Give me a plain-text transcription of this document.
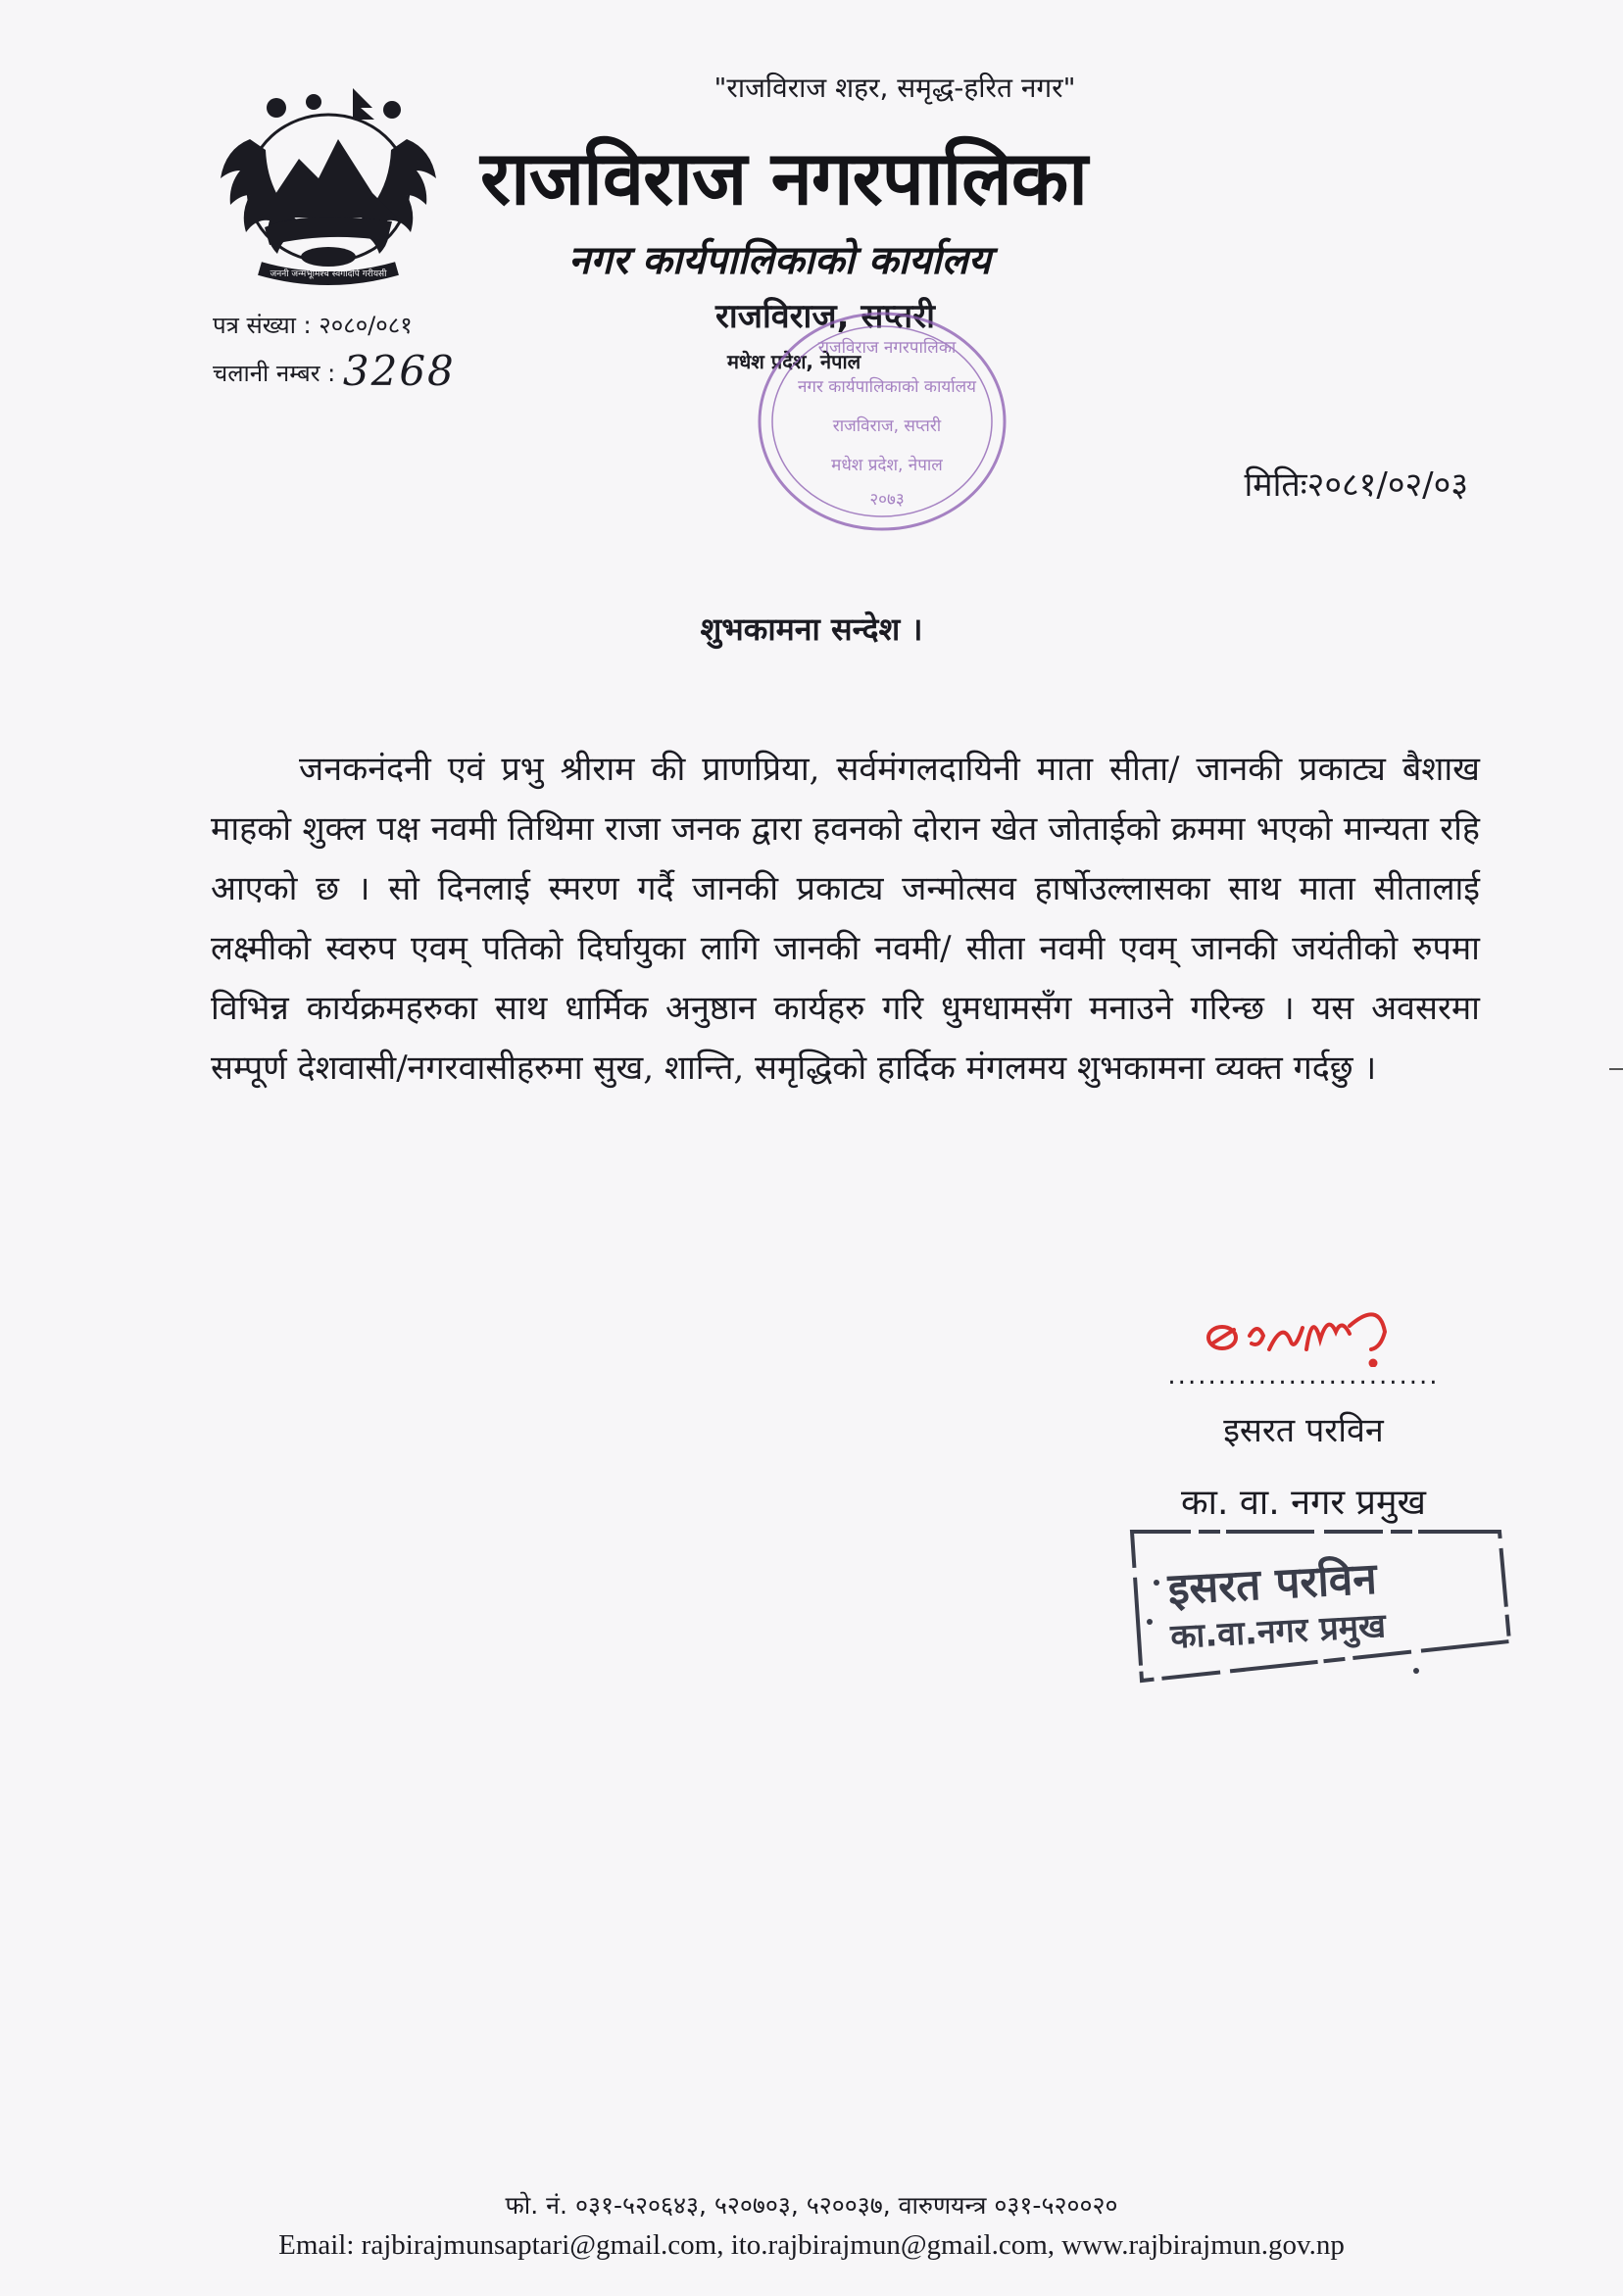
"राजविराज शहर, समृद्ध-हरित नगर"
जननी जन्मभूमिश्च स्वर्गादपि गरीयसी
राजविराज नगरपालिका
नगर कार्यपालिकाको कार्यालय
राजविराज, सप्तरी
मधेश प्रदेश, नेपाल
पत्र संख्या : २०८०/०८१
चलानी नम्बर : 3268	राजविराज नगरपालिका
नगर कार्यपालिकाको कार्यालय
राजविराज, सप्तरी
मधेश प्रदेश, नेपाल
२०७३	मितिः२०८१/०२/०३
शुभकामना सन्देश ।
जनकनंदनी एवं प्रभु श्रीराम की प्राणप्रिया, सर्वमंगलदायिनी माता सीता/ जानकी प्रकाट्य बैशाख माहको शुक्ल पक्ष नवमी तिथिमा राजा जनक द्वारा हवनको दोरान खेत जोताईको क्रममा भएको मान्यता रहि आएको छ । सो दिनलाई स्मरण गर्दै जानकी प्रकाट्य जन्मोत्सव हार्षोउल्लासका साथ माता सीतालाई लक्ष्मीको स्वरुप एवम् पतिको दिर्घायुका लागि जानकी नवमी/ सीता नवमी एवम् जानकी जयंतीको रुपमा विभिन्न कार्यक्रमहरुका साथ धार्मिक अनुष्ठान कार्यहरु गरि धुमधामसँग मनाउने गरिन्छ । यस अवसरमा सम्पूर्ण देशवासी/नगरवासीहरुमा सुख, शान्ति, समृद्धिको हार्दिक मंगलमय शुभकामना व्यक्त गर्दछु ।
...........................
इसरत परविन
का. वा. नगर प्रमुख
इसरत परविन
का.वा.नगर प्रमुख
फो. नं. ०३१-५२०६४३, ५२०७०३, ५२००३७, वारुणयन्त्र ०३१-५२००२०
Email: rajbirajmunsaptari@gmail.com, ito.rajbirajmun@gmail.com, www.rajbirajmun.gov.np
